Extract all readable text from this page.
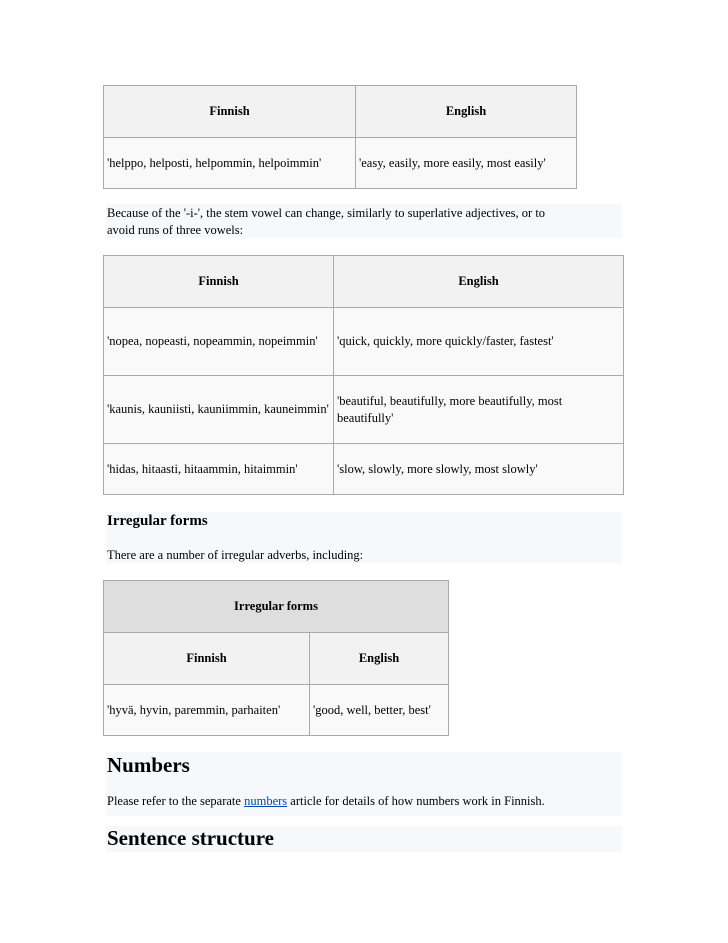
Finnish	English
'helppo, helposti, helpommin, helpoimmin'	'easy, easily, more easily, most easily'

Because of the '-i-', the stem vowel can change, similarly to superlative adjectives, or to
avoid runs of three vowels:

Finnish	English
'nopea, nopeasti, nopeammin, nopeimmin'	'quick, quickly, more quickly/faster, fastest'
'kaunis, kauniisti, kauniimmin, kauneimmin'	'beautiful, beautifully, more beautifully, most beautifully'
'hidas, hitaasti, hitaammin, hitaimmin'	'slow, slowly, more slowly, most slowly'
Irregular forms

There are a number of irregular adverbs, including:

Irregular forms	
Finnish	English
'hyvä, hyvin, paremmin, parhaiten'	'good, well, better, best'
Numbers

Please refer to the separate numbers article for details of how numbers work in Finnish.

Sentence structure
